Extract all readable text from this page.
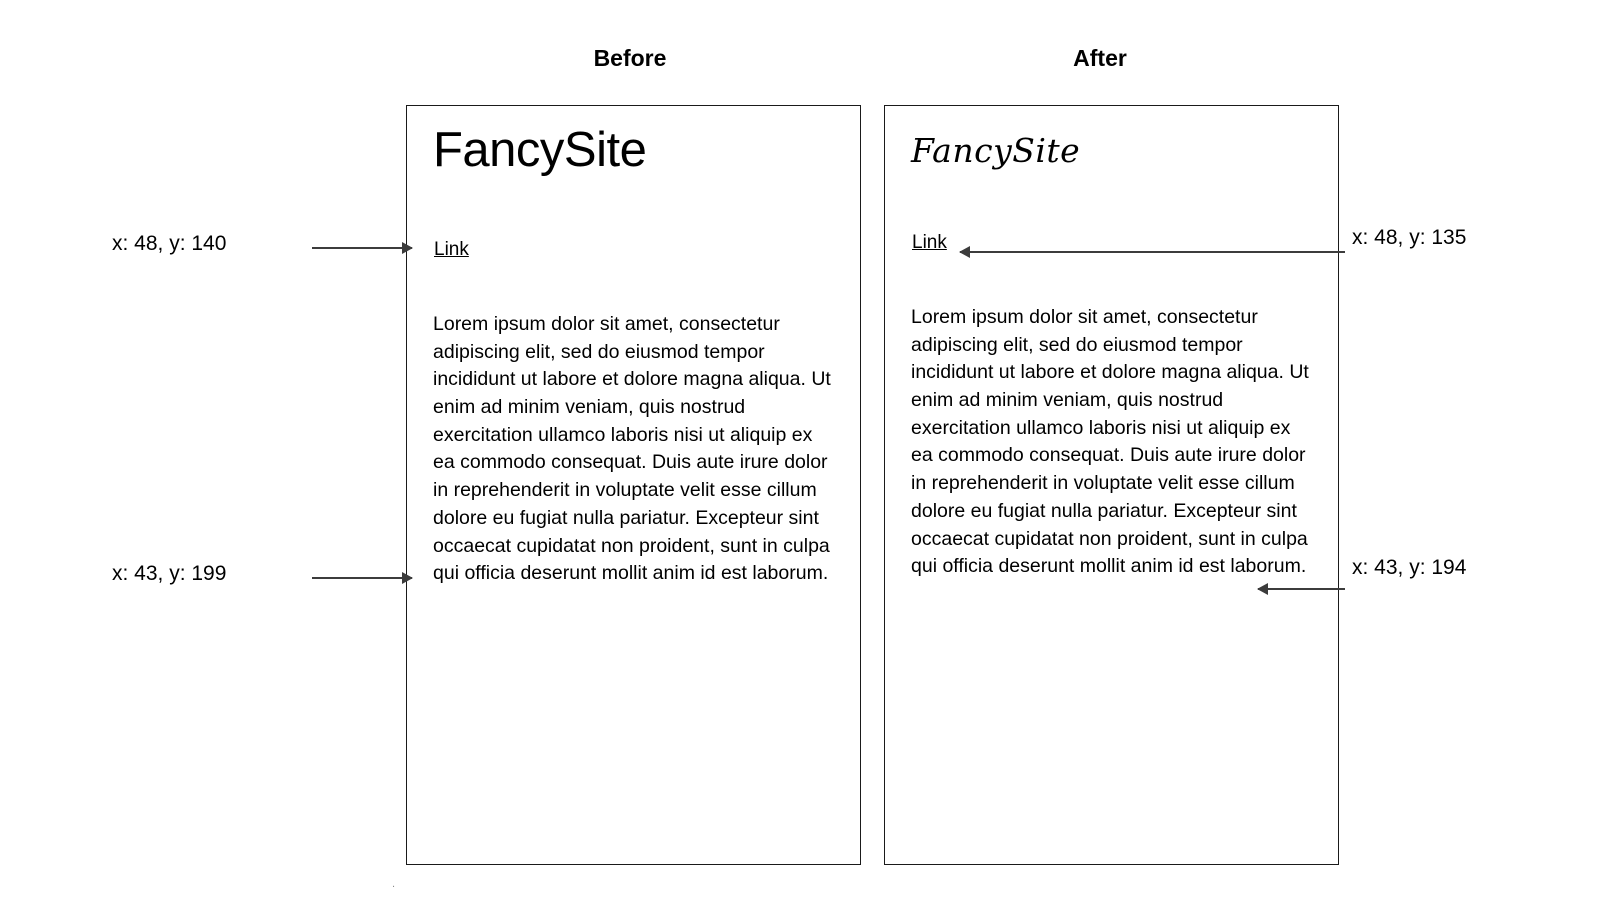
Before	After
FancySite
Link
Lorem ipsum dolor sit amet, consectetur adipiscing elit, sed do eiusmod tempor incididunt ut labore et dolore magna aliqua. Ut enim ad minim veniam, quis nostrud exercitation ullamco laboris nisi ut aliquip ex ea commodo consequat. Duis aute irure dolor in reprehenderit in voluptate velit esse cillum dolore eu fugiat nulla pariatur. Excepteur sint occaecat cupidatat non proident, sunt in culpa qui officia deserunt mollit anim id est laborum.
FancySite
Link
Lorem ipsum dolor sit amet, consectetur adipiscing elit, sed do eiusmod tempor incididunt ut labore et dolore magna aliqua. Ut enim ad minim veniam, quis nostrud exercitation ullamco laboris nisi ut aliquip ex ea commodo consequat. Duis aute irure dolor in reprehenderit in voluptate velit esse cillum dolore eu fugiat nulla pariatur. Excepteur sint occaecat cupidatat non proident, sunt in culpa qui officia deserunt mollit anim id est laborum.
x: 48, y: 140
x: 43, y: 199
x: 48, y: 135
x: 43, y: 194
.
